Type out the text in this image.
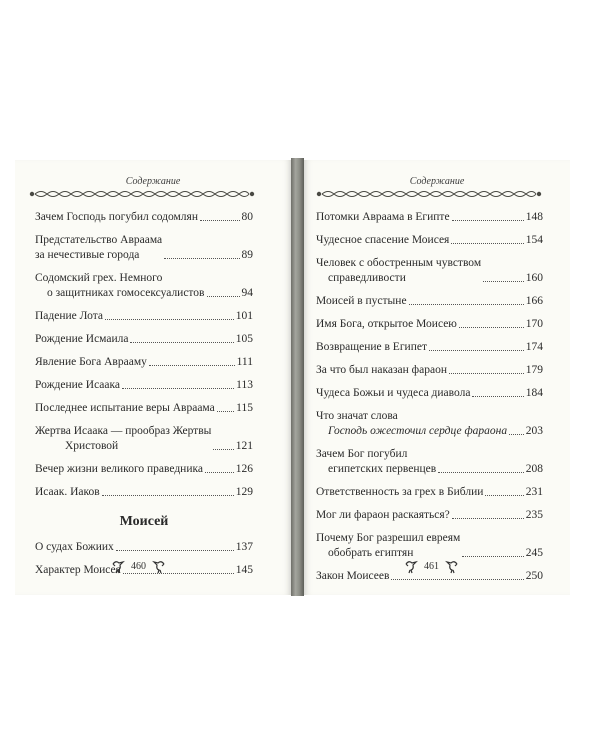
Содержание
Зачем Господь погубил содомлян	80
Предстательство Авраама
за нечестивые города	89
Содомский грех. Немного
о защитниках гомосексуалистов	94
Падение Лота	101
Рождение Исмаила	105
Явление Бога Аврааму	111
Рождение Исаака	113
Последнее испытание веры Авраама 115
Жертва Исаака — прообраз Жертвы
Христовой	121
Вечер жизни великого праведника	126
Исаак. Иаков	129
Моисей
О судах Божиих	137
Характер Моисея	145
460
Содержание
Потомки Авраама в Египте	148
Чудесное спасение Моисея	154
Человек с обостренным чувством
справедливости	160
Моисей в пустыне	166
Имя Бога, открытое Моисею	170
Возвращение в Египет	174
За что был наказан фараон	179
Чудеса Божьи и чудеса диавола	184
Что значат слова
Господь ожесточил сердце фараона 203
Зачем Бог погубил
египетских первенцев	208
Ответственность за грех в Библии	231
Мог ли фараон раскаяться?	235
Почему Бог разрешил евреям
обобрать египтян	245
Закон Моисеев	250
461
